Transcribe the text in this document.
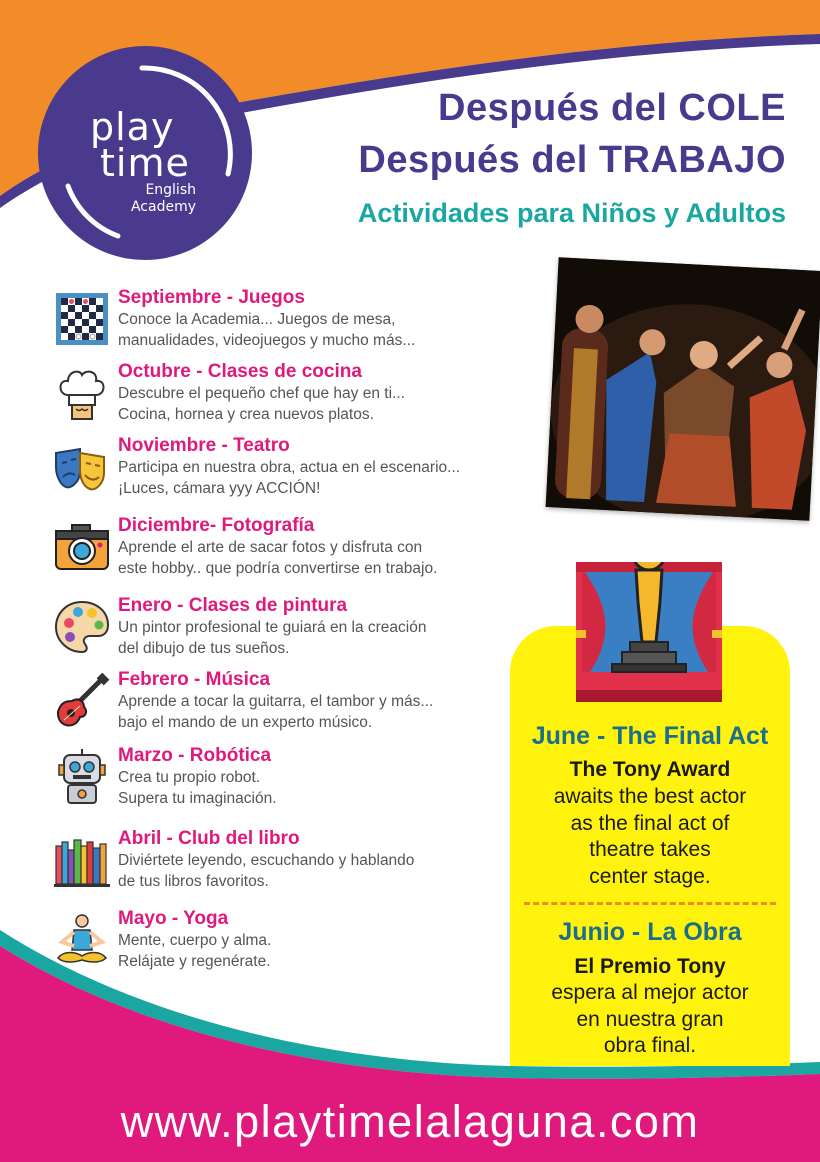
play
time
English
Academy
Después del COLE
Después del TRABAJO
Actividades para Niños y Adultos
Septiembre - Juegos
Conoce la Academia... Juegos de mesa,
manualidades, videojuegos y mucho más...
Octubre - Clases de cocina
Descubre el pequeño chef que hay en ti...
Cocina, hornea y crea nuevos platos.
Noviembre - Teatro
Participa en nuestra obra, actua en el escenario...
¡Luces, cámara yyy ACCIÓN!
Diciembre- Fotografía
Aprende el arte de sacar fotos y disfruta con
este hobby.. que podría convertirse en trabajo.
Enero - Clases de pintura
Un pintor profesional te guiará en la creación
del dibujo de tus sueños.
Febrero - Música
Aprende a tocar la guitarra, el tambor y más...
bajo el mando de un experto músico.
Marzo - Robótica
Crea tu propio robot.
Supera tu imaginación.
Abril - Club del libro
Diviértete leyendo, escuchando y hablando
de tus libros favoritos.
Mayo - Yoga
Mente, cuerpo y alma.
Relájate y regenérate.
June - The Final Act
The Tony Award
awaits the best actor
as the final act of
theatre takes
center stage.
Junio - La Obra
El Premio Tony
espera al mejor actor
en nuestra gran
obra final.
www.playtimelalaguna.com
